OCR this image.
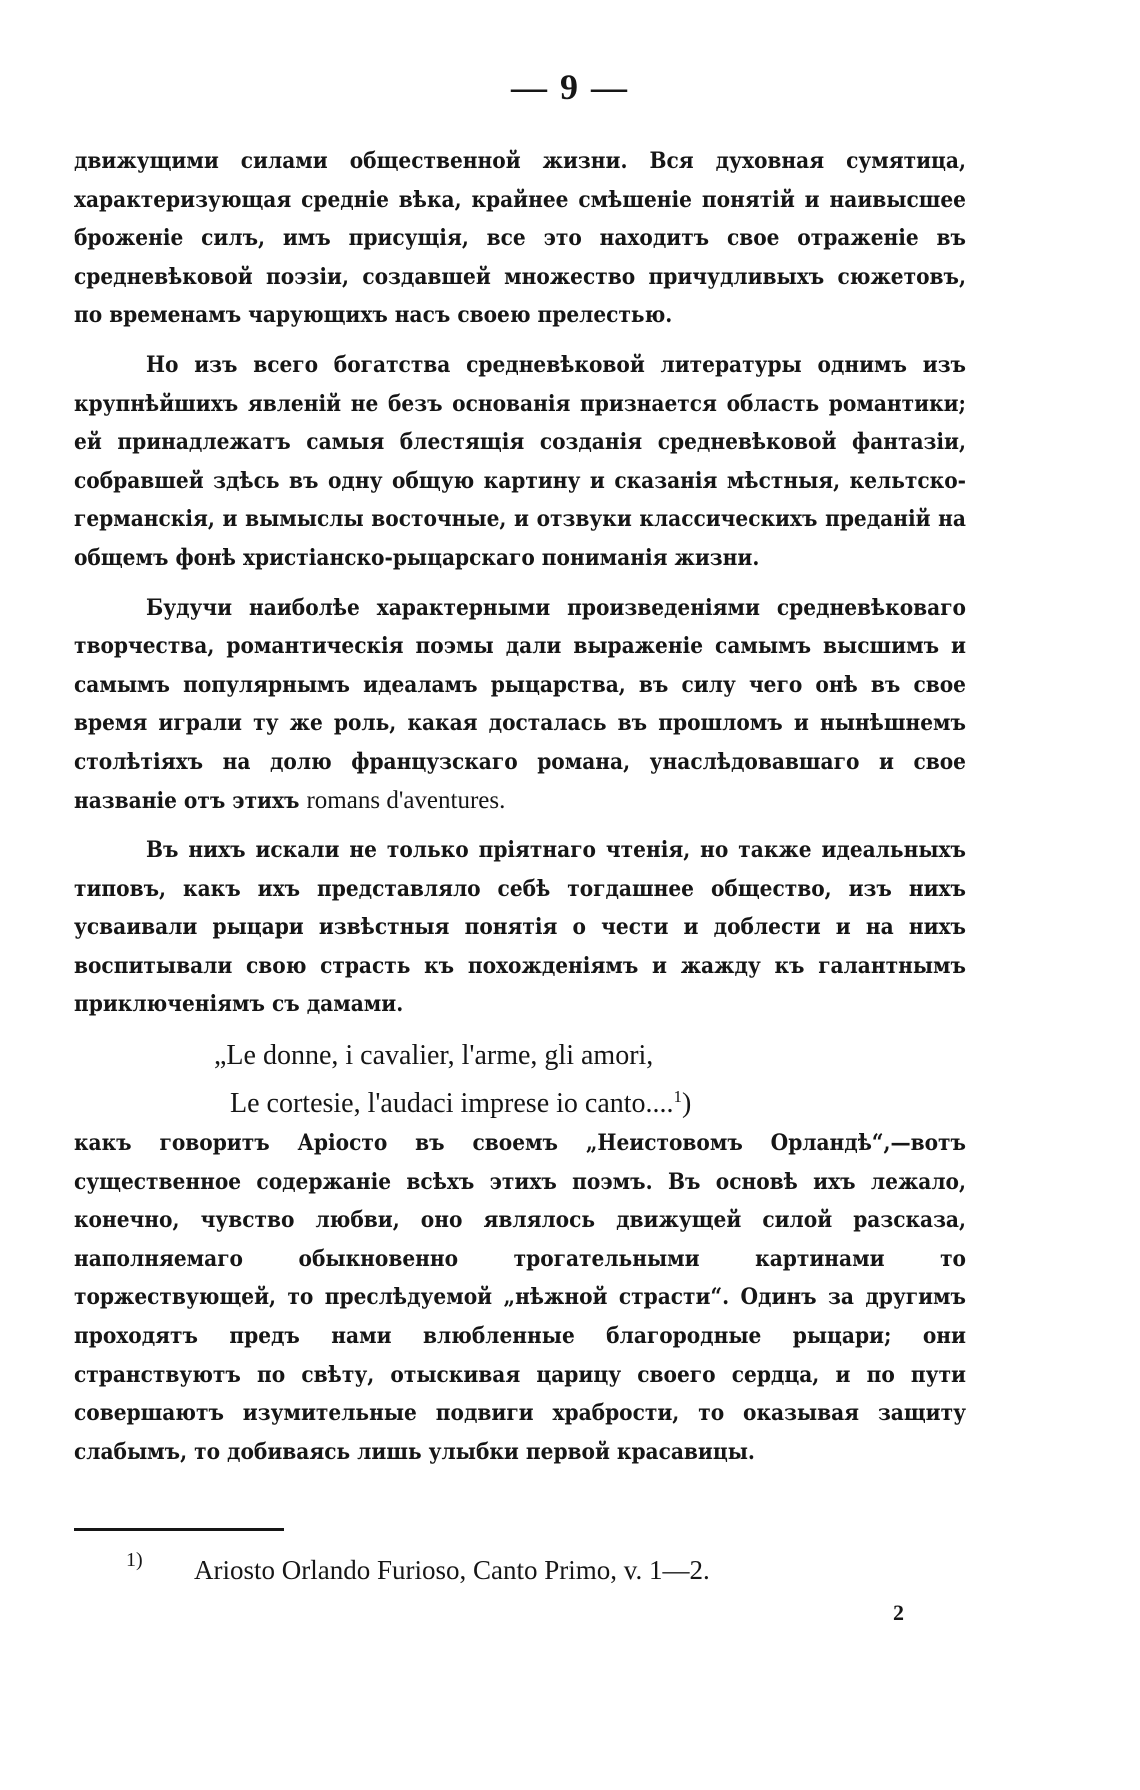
— 9 —

движущими силами общественной жизни. Вся духовная сумятица, характеризующая средніе вѣка, крайнее смѣшеніе понятій и наивысшее броженіе силъ, имъ присущія, все это находитъ свое отраженіе въ средневѣковой поэзіи, создавшей множество причудливыхъ сюжетовъ, по временамъ чарующихъ насъ своею прелестью.

Но изъ всего богатства средневѣковой литературы однимъ изъ крупнѣйшихъ явленій не безъ основанія признается область романтики; ей принадлежатъ самыя блестящія созданія средневѣковой фантазіи, собравшей здѣсь въ одну общую картину и сказанія мѣстныя, кельтско-германскія, и вымыслы восточные, и отзвуки классическихъ преданій на общемъ фонѣ христіанско-рыцарскаго пониманія жизни.

Будучи наиболѣе характерными произведеніями средневѣковаго творчества, романтическія поэмы дали выраженіе самымъ высшимъ и самымъ популярнымъ идеаламъ рыцарства, въ силу чего онѣ въ свое время играли ту же роль, какая досталась въ прошломъ и нынѣшнемъ столѣтіяхъ на долю французскаго романа, унаслѣдовавшаго и свое названіе отъ этихъ romans d'aventures.

Въ нихъ искали не только пріятнаго чтенія, но также идеальныхъ типовъ, какъ ихъ представляло себѣ тогдашнее общество, изъ нихъ усваивали рыцари извѣстныя понятія о чести и доблести и на нихъ воспитывали свою страсть къ похожденіямъ и жажду къ галантнымъ приключеніямъ съ дамами.

„Le donne, i cavalier, l'arme, gli amori,
Le cortesie, l'audaci imprese io canto....$^1$)

какъ говоритъ Аріосто въ своемъ „Неистовомъ Орландѣ“,—вотъ существенное содержаніе всѣхъ этихъ поэмъ. Въ основѣ ихъ лежало, конечно, чувство любви, оно являлось движущей силой разсказа, наполняемаго обыкновенно трогательными картинами то торжествующей, то преслѣдуемой „нѣжной страсти“. Одинъ за другимъ проходятъ предъ нами влюбленные благородные рыцари; они странствуютъ по свѣту, отыскивая царицу своего сердца, и по пути совершаютъ изумительные подвиги храбрости, то оказывая защиту слабымъ, то добиваясь лишь улыбки первой красавицы.

1) Ariosto Orlando Furioso, Canto Primo, v. 1—2.
2
